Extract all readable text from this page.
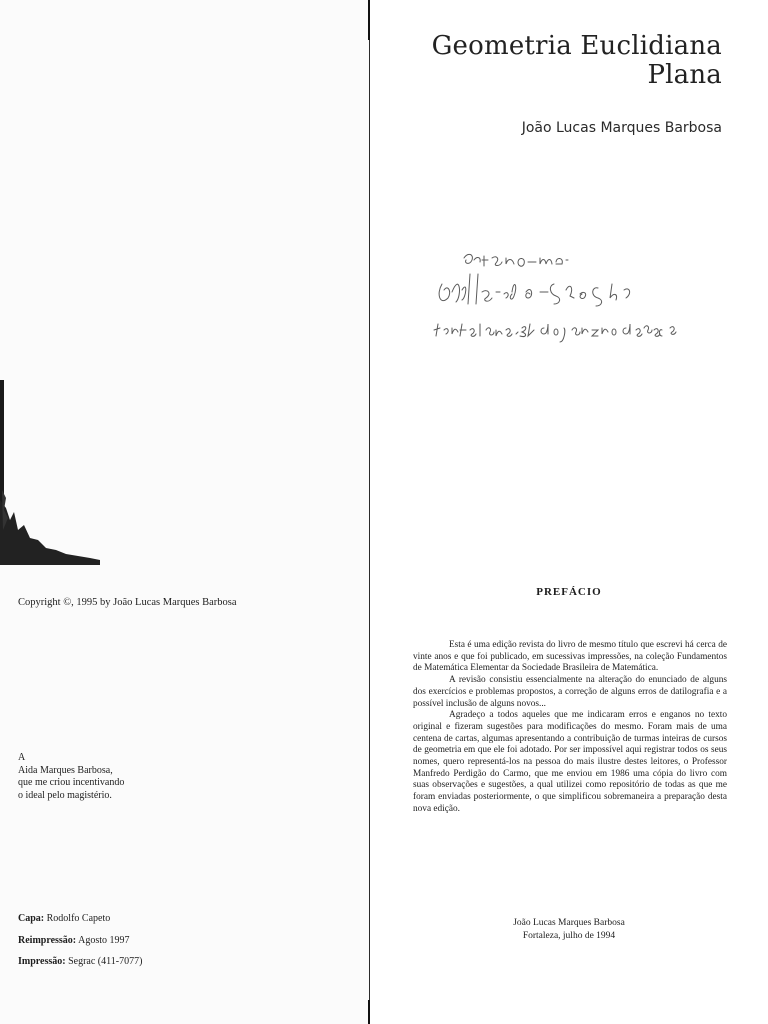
Copyright ©, 1995 by João Lucas Marques Barbosa
A
Aida Marques Barbosa,
que me criou incentivando
o ideal pelo magistério.
Capa: Rodolfo Capeto
Reimpressão: Agosto 1997
Impressão: Segrac (411-7077)
Geometria Euclidiana
Plana
João Lucas Marques Barbosa
PREFÁCIO

Esta é uma edição revista do livro de mesmo título que escrevi há cerca de vinte anos e que foi publicado, em sucessivas impressões, na coleção Fundamentos de Matemática Elementar da Sociedade Brasileira de Matemática.

A revisão consistiu essencialmente na alteração do enunciado de alguns dos exercícios e problemas propostos, a correção de alguns erros de datilografia e a possível inclusão de alguns novos...

Agradeço a todos aqueles que me indicaram erros e enganos no texto original e fizeram sugestões para modificações do mesmo. Foram mais de uma centena de cartas, algumas apresentando a contribuição de turmas inteiras de cursos de geometria em que ele foi adotado. Por ser impossível aqui registrar todos os seus nomes, quero representá-los na pessoa do mais ilustre destes leitores, o Professor Manfredo Perdigão do Carmo, que me enviou em 1986 uma cópia do livro com suas observações e sugestões, a qual utilizei como repositório de todas as que me foram enviadas posteriormente, o que simplificou sobremaneira a preparação desta nova edição.

João Lucas Marques Barbosa
Fortaleza, julho de 1994
